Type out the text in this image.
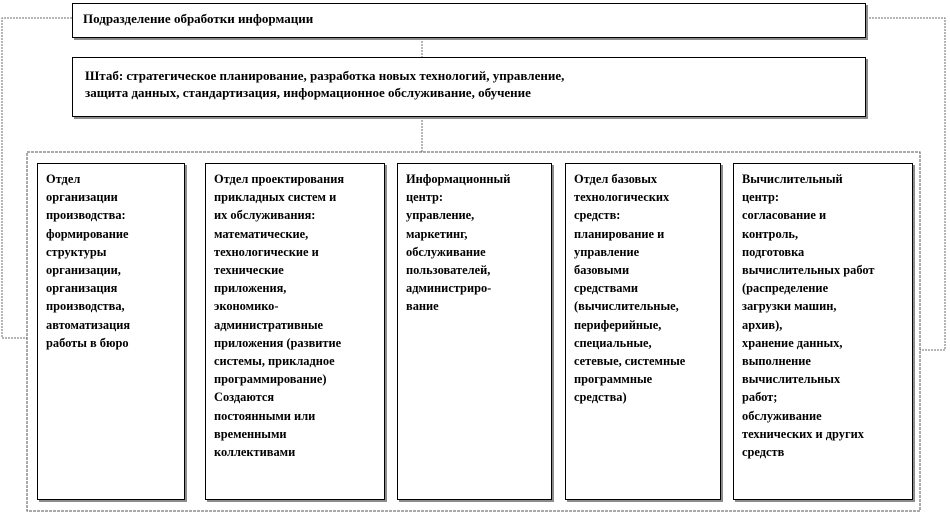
Подразделение обработки информации
Штаб: стратегическое планирование, разработка новых технологий, управление,
защита данных, стандартизация, информационное обслуживание, обучение
Отдел
организации
производства:
формирование
структуры
организации,
организация
производства,
автоматизация
работы в бюро
Отдел проектирования
прикладных систем и
их обслуживания:
математические,
технологические и
технические
приложения,
экономико-
административные
приложения (развитие
системы, прикладное
программирование)
Создаются
постоянными или
временными
коллективами
Информационный
центр:
управление,
маркетинг,
обслуживание
пользователей,
администриро-
вание
Отдел базовых
технологических
средств:
планирование и
управление
базовыми
средствами
(вычислительные,
периферийные,
специальные,
сетевые, системные
программные
средства)
Вычислительный
центр:
согласование и
контроль,
подготовка
вычислительных работ
(распределение
загрузки машин,
архив),
хранение данных,
выполнение
вычислительных
работ;
обслуживание
технических и других
средств
